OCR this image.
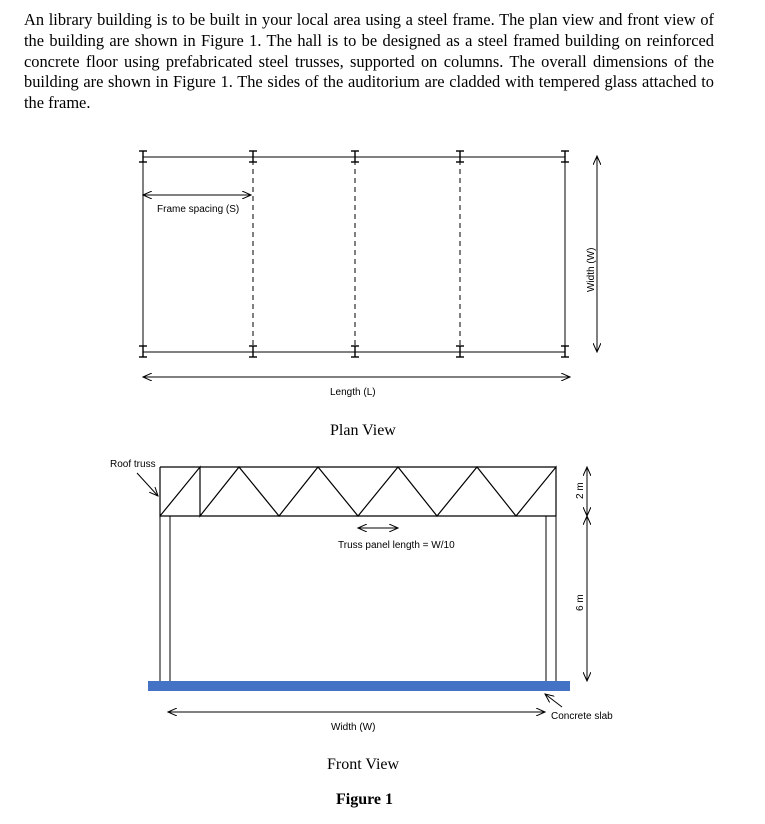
An library building is to be built in your local area using a steel frame. The plan view and front view of the building are shown in Figure 1. The hall is to be designed as a steel framed building on reinforced concrete floor using prefabricated steel trusses, supported on columns. The overall dimensions of the building are shown in Figure 1. The sides of the auditorium are cladded with tempered glass attached to the frame.

Frame spacing (S)
Width (W)
Length (L)
Plan View
Roof truss
Truss panel length = W/10
2 m
6 m
Concrete slab
Width (W)
Front View
Figure 1
